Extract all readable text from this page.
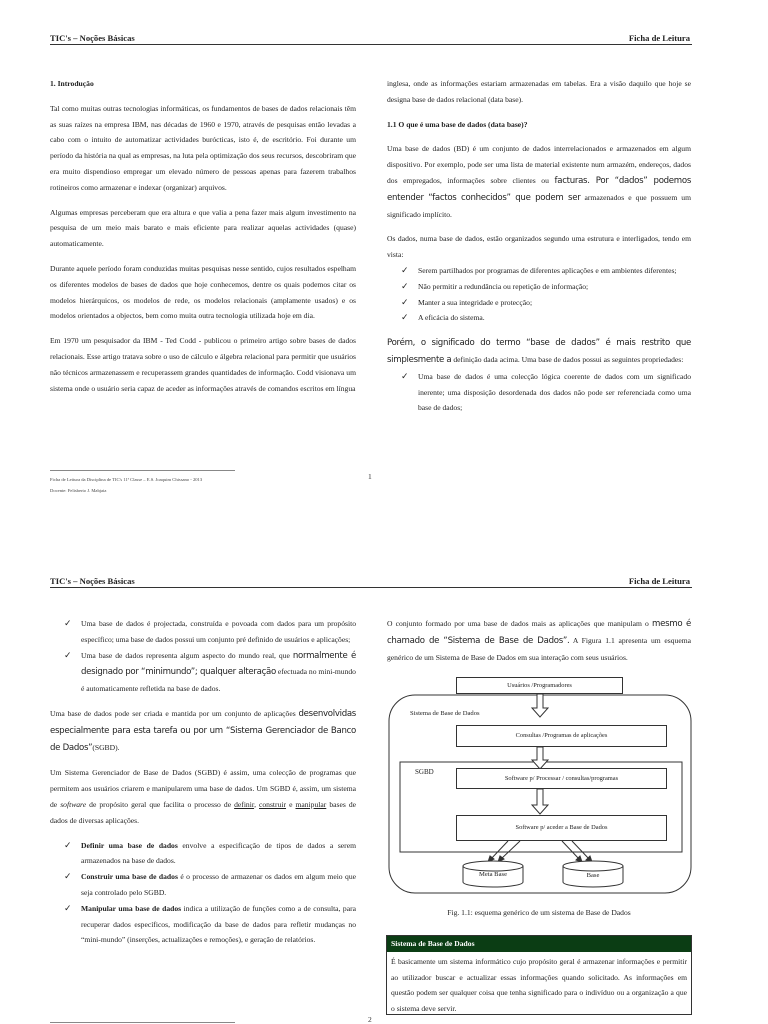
TIC's – Noções Básicas	Ficha de Leitura
1. Introdução

Tal como muitas outras tecnologias informáticas, os fundamentos de bases de dados relacionais têm as suas raízes na empresa IBM, nas décadas de 1960 e 1970, através de pesquisas então levadas a cabo com o intuito de automatizar actividades burócticas, isto é, de escritório. Foi durante um período da história na qual as empresas, na luta pela optimização dos seus recursos, descobriram que era muito dispendioso empregar um elevado número de pessoas apenas para fazerem trabalhos rotineiros como armazenar e indexar (organizar) arquivos.

Algumas empresas perceberam que era altura e que valia a pena fazer mais algum investimento na pesquisa de um meio mais barato e mais eficiente para realizar aquelas actividades (quase) automaticamente.

Durante aquele período foram conduzidas muitas pesquisas nesse sentido, cujos resultados espelham os diferentes modelos de bases de dados que hoje conhecemos, dentre os quais podemos citar os modelos hierárquicos, os modelos de rede, os modelos relacionais (amplamente usados) e os modelos orientados a objectos, bem como muita outra tecnologia utilizada hoje em dia.

Em 1970 um pesquisador da IBM - Ted Codd - publicou o primeiro artigo sobre bases de dados relacionais. Esse artigo tratava sobre o uso de cálculo e álgebra relacional para permitir que usuários não técnicos armazenassem e recuperassem grandes quantidades de informação. Codd visionava um sistema onde o usuário seria capaz de aceder as informações através de comandos escritos em língua

inglesa, onde as informações estariam armazenadas em tabelas. Era a visão daquilo que hoje se designa base de dados relacional (data base).

1.1 O que é uma base de dados (data base)?

Uma base de dados (BD) é um conjunto de dados interrelacionados e armazenados em algum dispositivo. Por exemplo, pode ser uma lista de material existente num armazém, endereços, dados dos empregados, informações sobre clientes ou facturas. Por “dados” podemos entender “factos conhecidos” que podem ser armazenados e que possuem um significado implícito.

Os dados, numa base de dados, estão organizados segundo uma estrutura e interligados, tendo em vista:

✓ Serem partilhados por programas de diferentes aplicações e em ambientes diferentes;
✓ Não permitir a redundância ou repetição de informação;
✓ Manter a sua integridade e protecção;
✓ A eficácia do sistema.

Porém, o significado do termo “base de dados” é mais restrito que simplesmente a definição dada acima. Uma base de dados possui as seguintes propriedades:

✓ Uma base de dados é uma colecção lógica coerente de dados com um significado inerente; uma disposição desordenada dos dados não pode ser referenciada como uma base de dados;
Ficha de Leitura da Disciplina de TIC's 11ª Classe – E.S. Joaquim Chissano - 2013
Docente: Felisberto J. Mabjaia
1
TIC's – Noções Básicas	Ficha de Leitura
✓ Uma base de dados é projectada, construída e povoada com dados para um propósito específico; uma base de dados possui um conjunto pré definido de usuários e aplicações;
✓ Uma base de dados representa algum aspecto do mundo real, que normalmente é designado por “minimundo”; qualquer alteração efectuada no mini-mundo é automaticamente refletida na base de dados.

Uma base de dados pode ser criada e mantida por um conjunto de aplicações desenvolvidas especialmente para esta tarefa ou por um “Sistema Gerenciador de Banco de Dados”(SGBD).

Um Sistema Gerenciador de Base de Dados (SGBD) é assim, uma colecção de programas que permitem aos usuários criarem e manipularem uma base de dados. Um SGBD é, assim, um sistema de software de propósito geral que facilita o processo de definir, construir e manipular bases de dados de diversas aplicações.

✓ Definir uma base de dados envolve a especificação de tipos de dados a serem armazenados na base de dados.
✓ Construir uma base de dados é o processo de armazenar os dados em algum meio que seja controlado pelo SGBD.
✓ Manipular uma base de dados indica a utilização de funções como a de consulta, para recuperar dados específicos, modificação da base de dados para refletir mudanças no “mini-mundo” (inserções, actualizações e remoções), e geração de relatórios.

O conjunto formado por uma base de dados mais as aplicações que manipulam o mesmo é chamado de “Sistema de Base de Dados”. A Figura 1.1 apresenta um esquema genérico de um Sistema de Base de Dados em sua interação com seus usuários.

Usuários /Programadores
Sistema de Base de Dados
Consultas /Programas de aplicações
SGBD
Software p/ Processar / consultas/programas
Software p/ aceder a Base de Dados
Meta Base	Base
Fig. 1.1: esquema genérico de um sistema de Base de Dados
Sistema de Base de Dados
É basicamente um sistema informático cujo propósito geral é armazenar informações e permitir ao utilizador buscar e actualizar essas informações quando solicitado. As informações em questão podem ser qualquer coisa que tenha significado para o indivíduo ou a organização a que o sistema deve servir.
2
